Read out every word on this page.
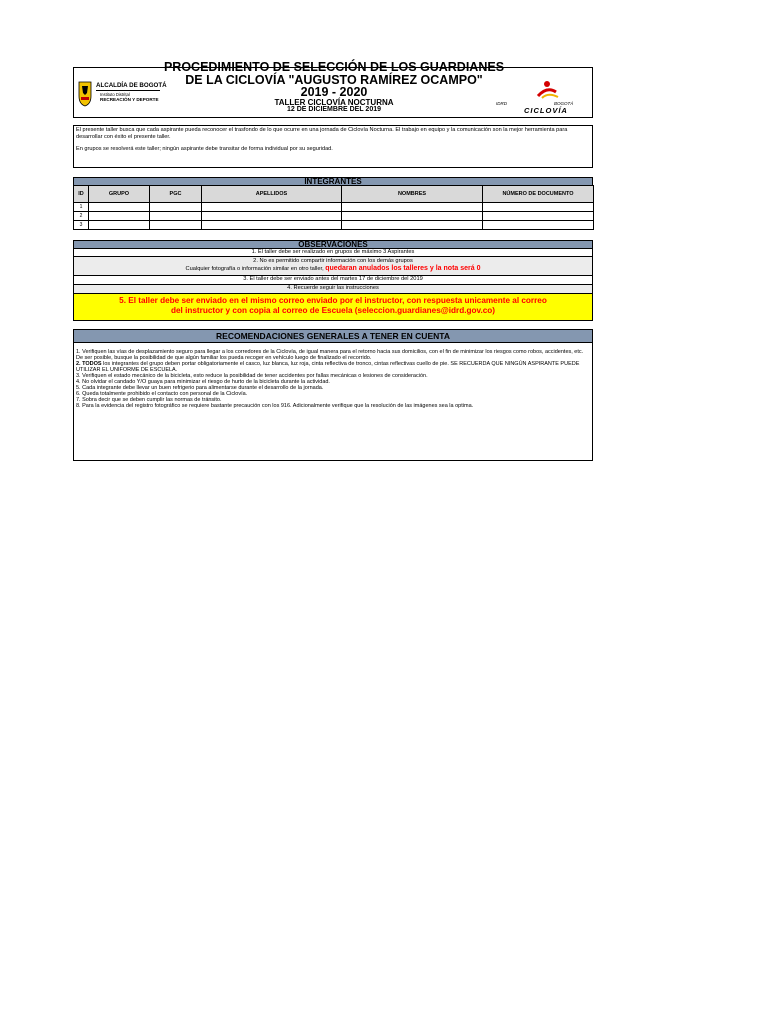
ALCALDÍA DE BOGOTÁ
Instituto Distrital
RECREACIÓN Y DEPORTE
PROCEDIMIENTO DE SELECCIÓN DE LOS GUARDIANES
DE LA CICLOVÍA "AUGUSTO RAMÍREZ OCAMPO"
2019 - 2020
TALLER CICLOVÍA NOCTURNA
12 DE DICIEMBRE DEL 2019
IDRD	BOGOTÁ
CICLOVÍA

El presente taller busca que cada aspirante pueda reconocer el trasfondo de lo que ocurre en una jornada de Ciclovía Nocturna. El trabajo en equipo y la comunicación son la mejor herramienta para desarrollar con éxito el presente taller.

En grupos se resolverá este taller; ningún aspirante debe transitar de forma individual por su seguridad.

INTEGRANTES
ID	GRUPO	PGC	APELLIDOS	NOMBRES	NÚMERO DE DOCUMENTO
1					
2					
3					
OBSERVACIONES
1. El taller debe ser realizado en grupos de máximo 3 Aspirantes
2. No es permitido compartir información con los demás grupos
Cualquier fotografía o información similar en otro taller, quedaran anulados los talleres y la nota será 0
3. El taller debe ser enviado antes del martes 17 de diciembre del 2019
4. Recuerde seguir las instrucciones
5. El taller debe ser enviado en el mismo correo enviado por el instructor, con respuesta unicamente al correo
del instructor y con copia al correo de Escuela (seleccion.guardianes@idrd.gov.co)
RECOMENDACIONES GENERALES A TENER EN CUENTA
1. Verifiquen las vías de desplazamiento seguro para llegar a los corredores de la Ciclovía, de igual manera para el retorno hacia sus domicilios, con el fin de minimizar los riesgos como robos, accidentes, etc. De ser posible, busque la posibilidad de que algún familiar los pueda recoger en vehículo luego de finalizado el recorrido.
2. TODOS los integrantes del grupo deben portar obligatoriamente el casco, luz blanca, luz roja, cinta reflectiva de tronco, cintas reflectivas cuello de pie. SE RECUERDA QUE NINGÚN ASPIRANTE PUEDE UTILIZAR EL UNIFORME DE ESCUELA.
3. Verifiquen el estado mecánico de la bicicleta, esto reduce la posibilidad de tener accidentes por fallas mecánicas o lesiones de consideración.
4. No olvidar el candado Y/O guaya para minimizar el riesgo de hurto de la bicicleta durante la actividad.
5. Cada integrante debe llevar un buen refrigerio para alimentarse durante el desarrollo de la jornada.
6. Queda totalmente prohibido el contacto con personal de la Ciclovía.
7. Sobra decir que se deben cumplir las normas de tránsito.
8. Para la evidencia del registro fotográfico se requiere bastante precaución con los 916. Adicionalmente verifique que la resolución de las imágenes sea la optima.
